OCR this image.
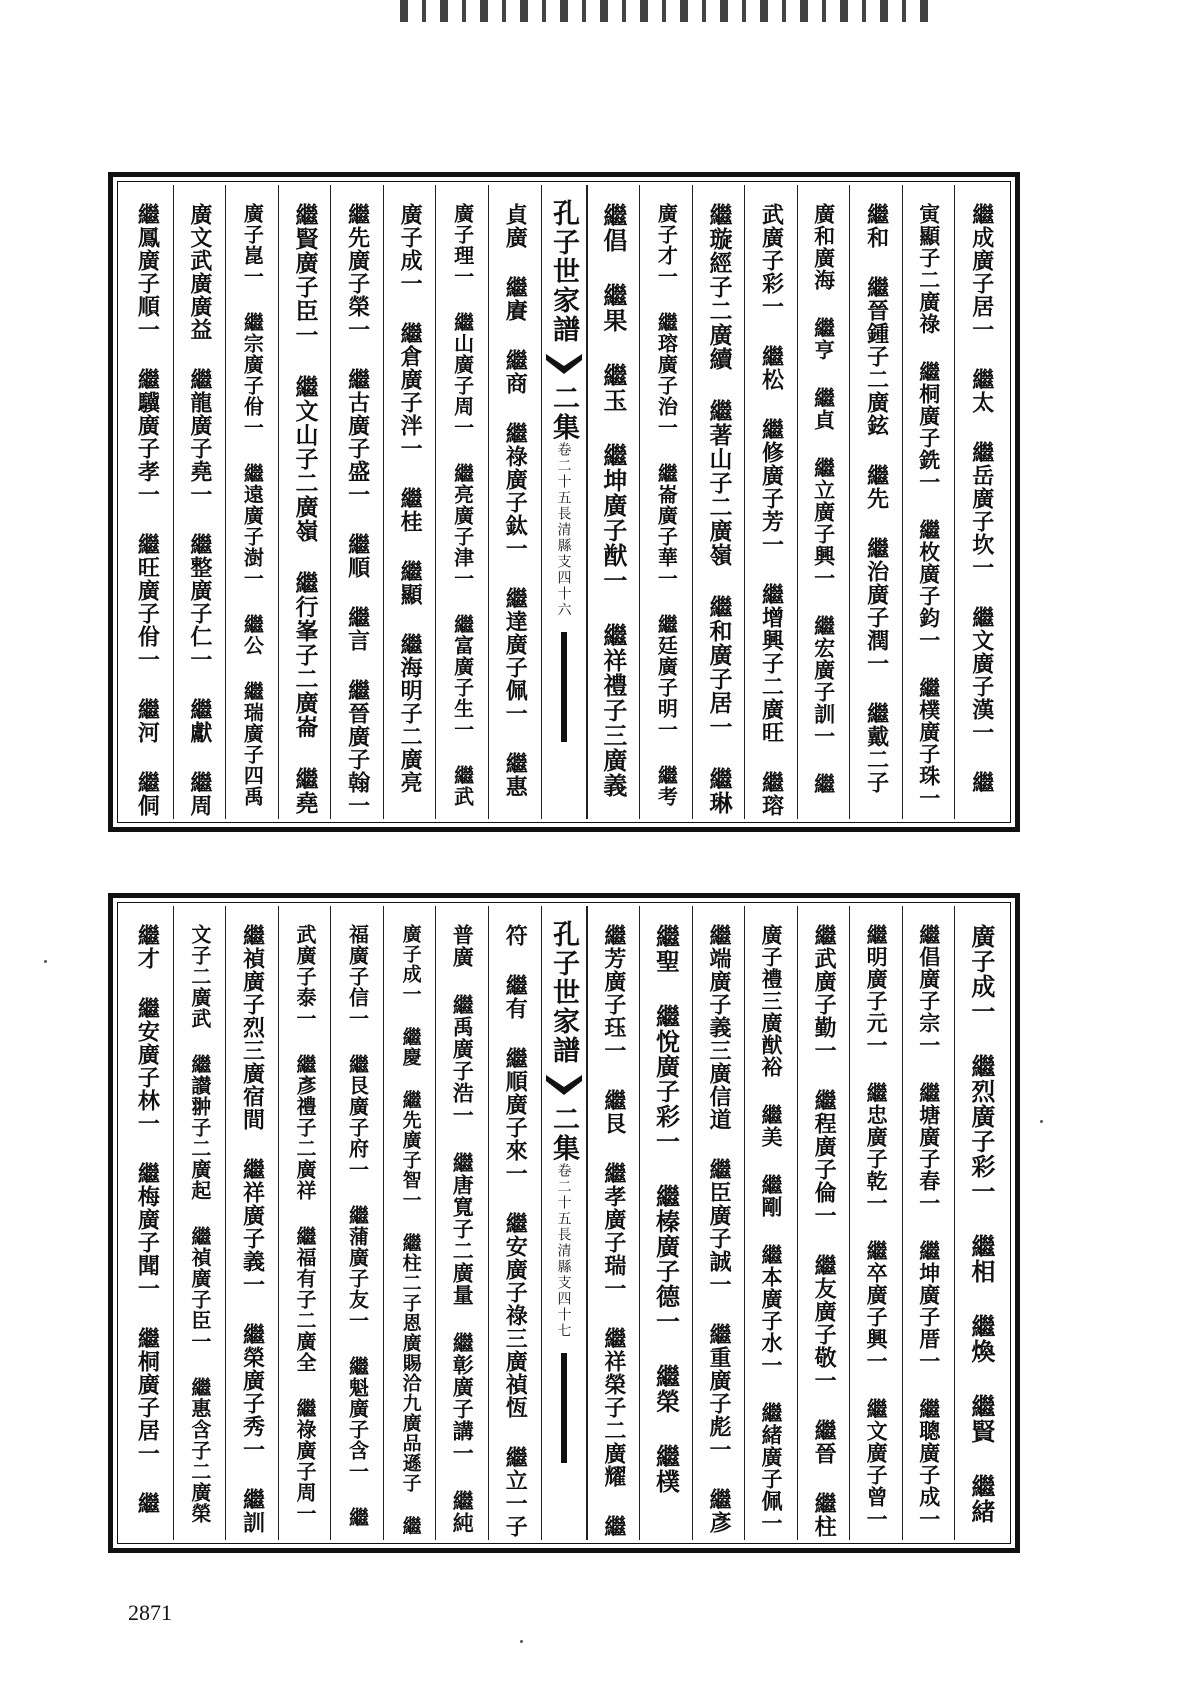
繼成廣子居一 繼太 繼岳廣子坎一 繼文廣子漢一 繼
寅顯子二廣祿 繼桐廣子銑一 繼枚廣子鈞一 繼樸廣子珠一
繼和 繼晉鍾子二廣鉉 繼先 繼治廣子潤一 繼戴二子
廣和廣海 繼亨 繼貞 繼立廣子興一 繼宏廣子訓一 繼
武廣子彩一 繼松 繼修廣子芳一 繼增興子二廣旺 繼瑢
繼璇經子二廣續 繼著山子二廣嶺 繼和廣子居一 繼琳
廣子才一 繼瑢廣子治一 繼崙廣子華一 繼廷廣子明一 繼考
繼倡 繼果 繼玉 繼坤廣子猷一 繼祥禮子三廣義
孔子世家譜
二集
卷二十五
長清縣支
四十六
貞廣 繼賡 繼商 繼祿廣子鈦一 繼達廣子佩一 繼惠
廣子理一 繼山廣子周一 繼亮廣子津一 繼富廣子生一 繼武
廣子成一 繼倉廣子泮一 繼桂 繼顯 繼海明子二廣亮
繼先廣子榮一 繼古廣子盛一 繼順 繼言 繼晉廣子翰一
繼賢廣子臣一 繼文山子二廣嶺 繼行峯子二廣崙 繼堯
廣子崑一 繼宗廣子佾一 繼遠廣子澍一 繼公 繼瑞廣子四禹
廣文武廣廣益 繼龍廣子堯一 繼整廣子仁一 繼獻 繼周
繼鳳廣子順一 繼驥廣子孝一 繼旺廣子佾一 繼河 繼侗
廣子成一 繼烈廣子彩一 繼相 繼煥 繼賢 繼緒
繼倡廣子宗一 繼塘廣子春一 繼坤廣子厝一 繼聰廣子成一
繼明廣子元一 繼忠廣子乾一 繼卒廣子興一 繼文廣子曾一
繼武廣子勤一 繼程廣子倫一 繼友廣子敬一 繼晉 繼柱
廣子禮三廣猷裕 繼美 繼剛 繼本廣子水一 繼緒廣子佩一
繼端廣子義三廣信道 繼臣廣子誠一 繼重廣子彪一 繼彥
繼聖 繼悅廣子彩一 繼榛廣子德一 繼榮 繼樸
繼芳廣子珏一 繼艮 繼孝廣子瑞一 繼祥榮子二廣耀 繼
孔子世家譜
二集
卷二十五
長清縣支
四十七
符 繼有 繼順廣子來一 繼安廣子祿三廣禎恆 繼立一子
普廣 繼禹廣子浩一 繼唐寬子二廣量 繼彰廣子講一 繼純
廣子成一 繼慶 繼先廣子智一 繼柱二子恩廣賜洽九廣品遜子 繼
福廣子信一 繼艮廣子府一 繼蒲廣子友一 繼魁廣子含一 繼
武廣子泰一 繼彥禮子二廣祥 繼福有子二廣全 繼祿廣子周一
繼禎廣子烈三廣宿間 繼祥廣子義一 繼榮廣子秀一 繼訓
文子二廣武 繼讃翀子二廣起 繼禎廣子臣一 繼惠含子二廣榮
繼才 繼安廣子林一 繼梅廣子聞一 繼桐廣子居一 繼
2871
